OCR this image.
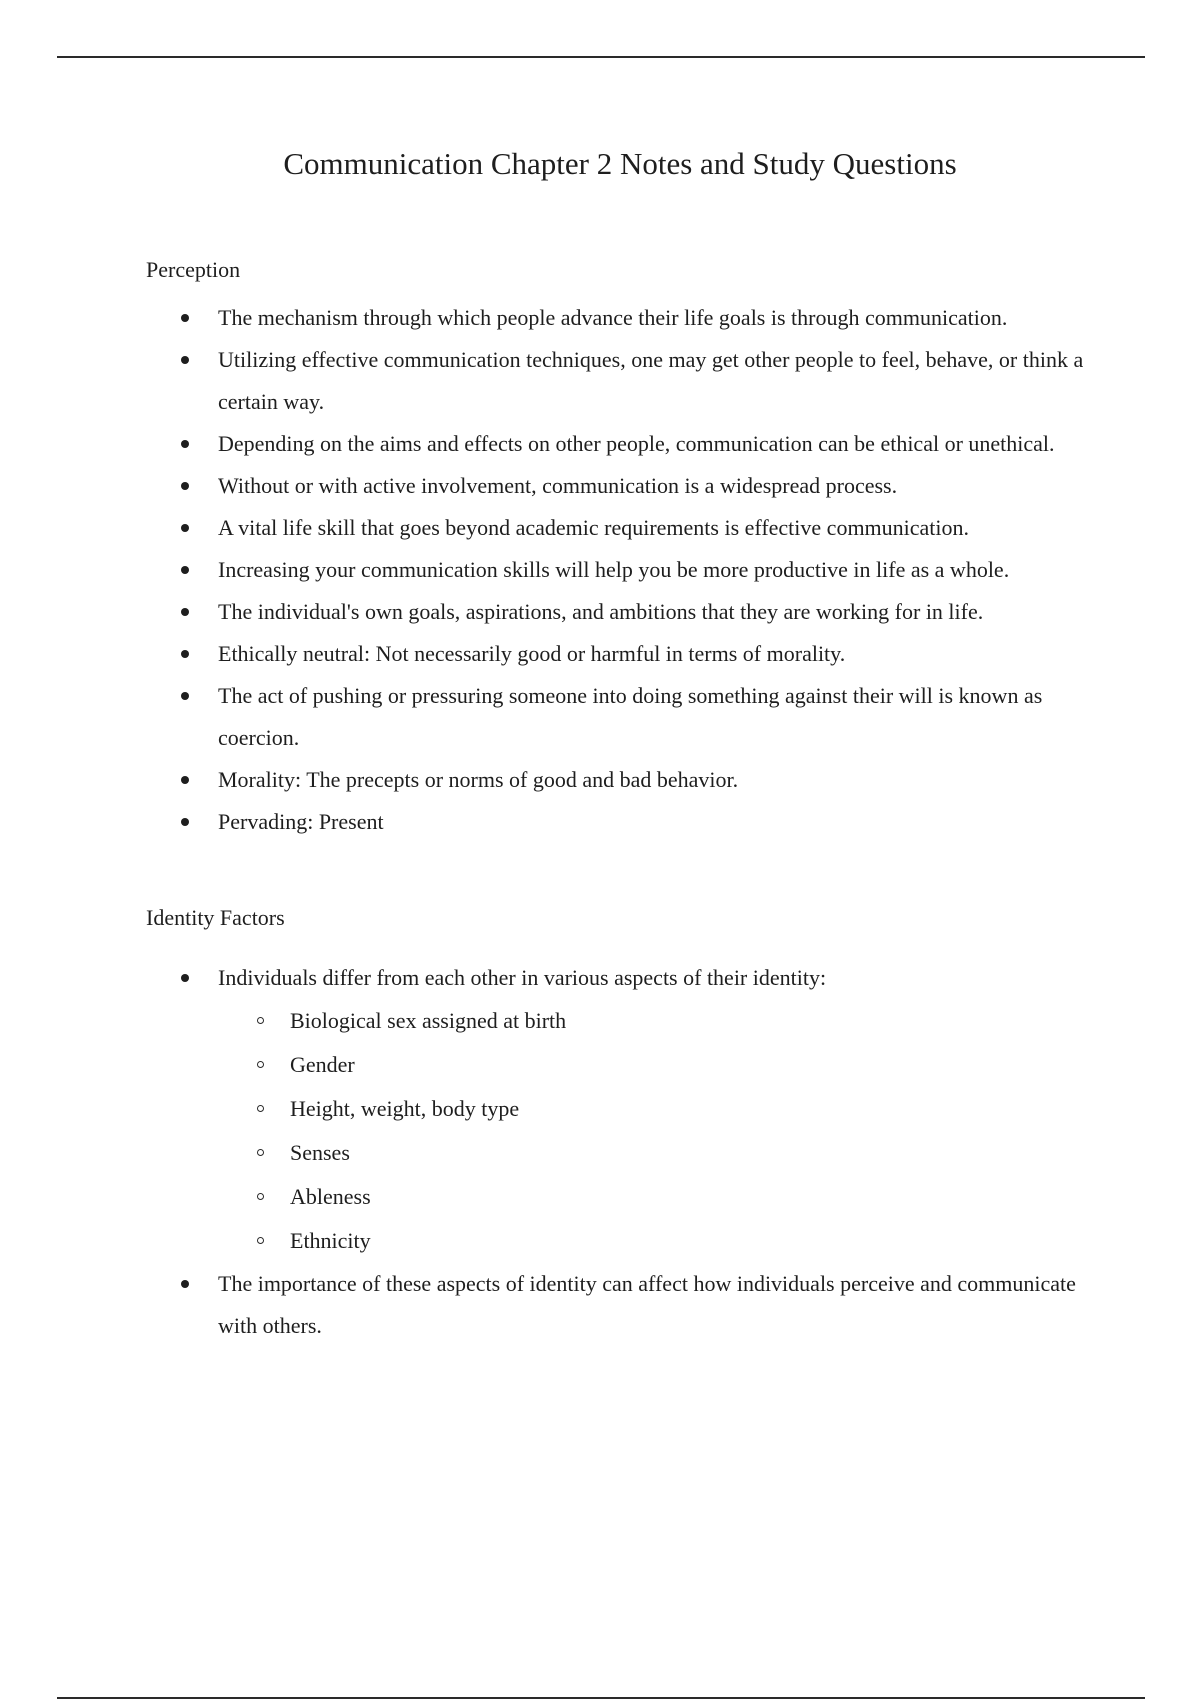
Communication Chapter 2 Notes and Study Questions
Perception
The mechanism through which people advance their life goals is through communication.
Utilizing effective communication techniques, one may get other people to feel, behave, or think a certain way.
Depending on the aims and effects on other people, communication can be ethical or unethical.
Without or with active involvement, communication is a widespread process.
A vital life skill that goes beyond academic requirements is effective communication.
Increasing your communication skills will help you be more productive in life as a whole.
The individual's own goals, aspirations, and ambitions that they are working for in life.
Ethically neutral: Not necessarily good or harmful in terms of morality.
The act of pushing or pressuring someone into doing something against their will is known as coercion.
Morality: The precepts or norms of good and bad behavior.
Pervading: Present
Identity Factors
Individuals differ from each other in various aspects of their identity:
Biological sex assigned at birth
Gender
Height, weight, body type
Senses
Ableness
Ethnicity
The importance of these aspects of identity can affect how individuals perceive and communicate with others.
